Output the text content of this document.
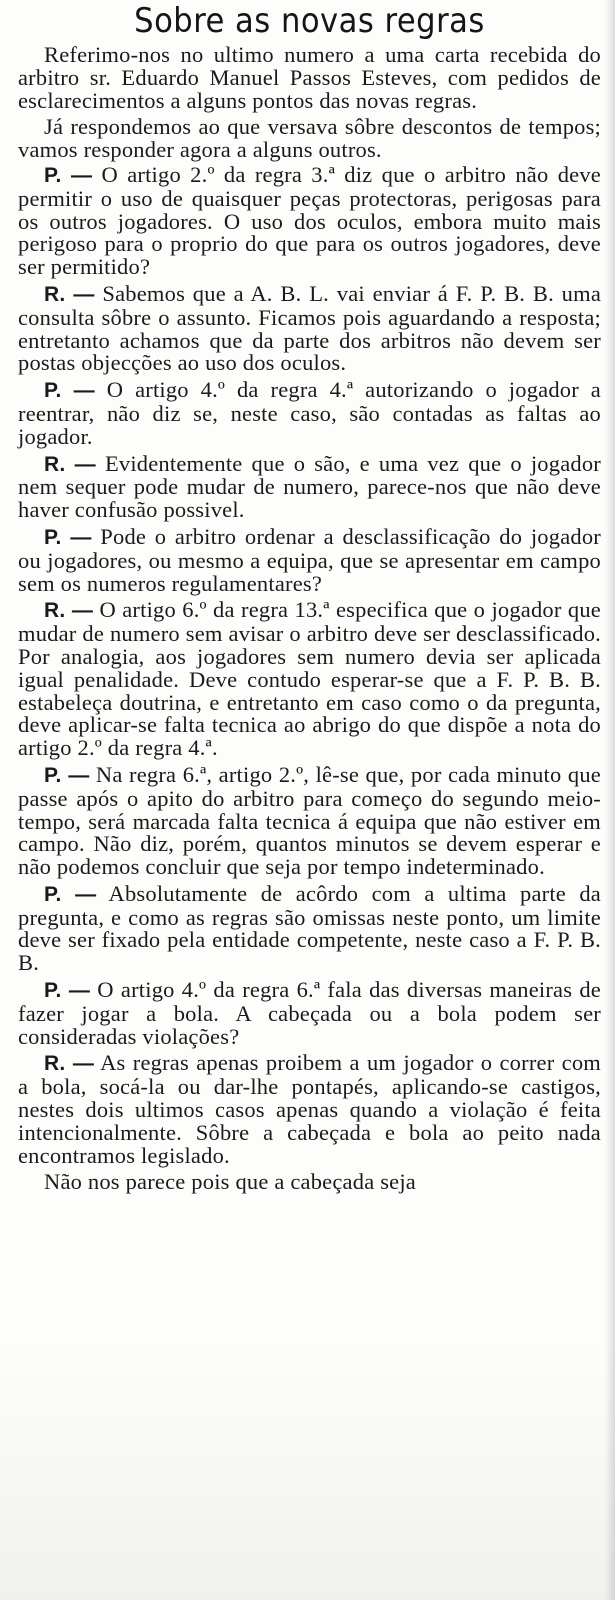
Sobre as novas regras

Referimo-nos no ultimo numero a uma carta recebida do arbitro sr. Eduardo Manuel Passos Esteves, com pedidos de esclarecimentos a alguns pontos das novas regras.

Já respondemos ao que versava sôbre descontos de tempos; vamos responder agora a alguns outros.

P. — O artigo 2.º da regra 3.ª diz que o arbitro não deve permitir o uso de quaisquer peças protectoras, perigosas para os outros jogadores. O uso dos oculos, embora muito mais perigoso para o proprio do que para os outros jogadores, deve ser permitido?

R. — Sabemos que a A. B. L. vai enviar á F. P. B. B. uma consulta sôbre o assunto. Ficamos pois aguardando a resposta; entretanto achamos que da parte dos arbitros não devem ser postas objecções ao uso dos oculos.

P. — O artigo 4.º da regra 4.ª autorizando o jogador a reentrar, não diz se, neste caso, são contadas as faltas ao jogador.

R. — Evidentemente que o são, e uma vez que o jogador nem sequer pode mudar de numero, parece-nos que não deve haver confusão possivel.

P. — Pode o arbitro ordenar a desclassificação do jogador ou jogadores, ou mesmo a equipa, que se apresentar em campo sem os numeros regulamentares?

R. — O artigo 6.º da regra 13.ª especifica que o jogador que mudar de numero sem avisar o arbitro deve ser desclassificado. Por analogia, aos jogadores sem numero devia ser aplicada igual penalidade. Deve contudo esperar-se que a F. P. B. B. estabeleça doutrina, e entretanto em caso como o da pregunta, deve aplicar-se falta tecnica ao abrigo do que dispõe a nota do artigo 2.º da regra 4.ª.

P. — Na regra 6.ª, artigo 2.º, lê-se que, por cada minuto que passe após o apito do arbitro para começo do segundo meio-tempo, será marcada falta tecnica á equipa que não estiver em campo. Não diz, porém, quantos minutos se devem esperar e não podemos concluir que seja por tempo indeterminado.

P. — Absolutamente de acôrdo com a ultima parte da pregunta, e como as regras são omissas neste ponto, um limite deve ser fixado pela entidade competente, neste caso a F. P. B. B.

P. — O artigo 4.º da regra 6.ª fala das diversas maneiras de fazer jogar a bola. A cabeçada ou a bola podem ser consideradas violações?

R. — As regras apenas proibem a um jogador o correr com a bola, socá-la ou dar-lhe pontapés, aplicando-se castigos, nestes dois ultimos casos apenas quando a violação é feita intencionalmente. Sôbre a cabeçada e bola ao peito nada encontramos legislado.

Não nos parece pois que a cabeçada seja
